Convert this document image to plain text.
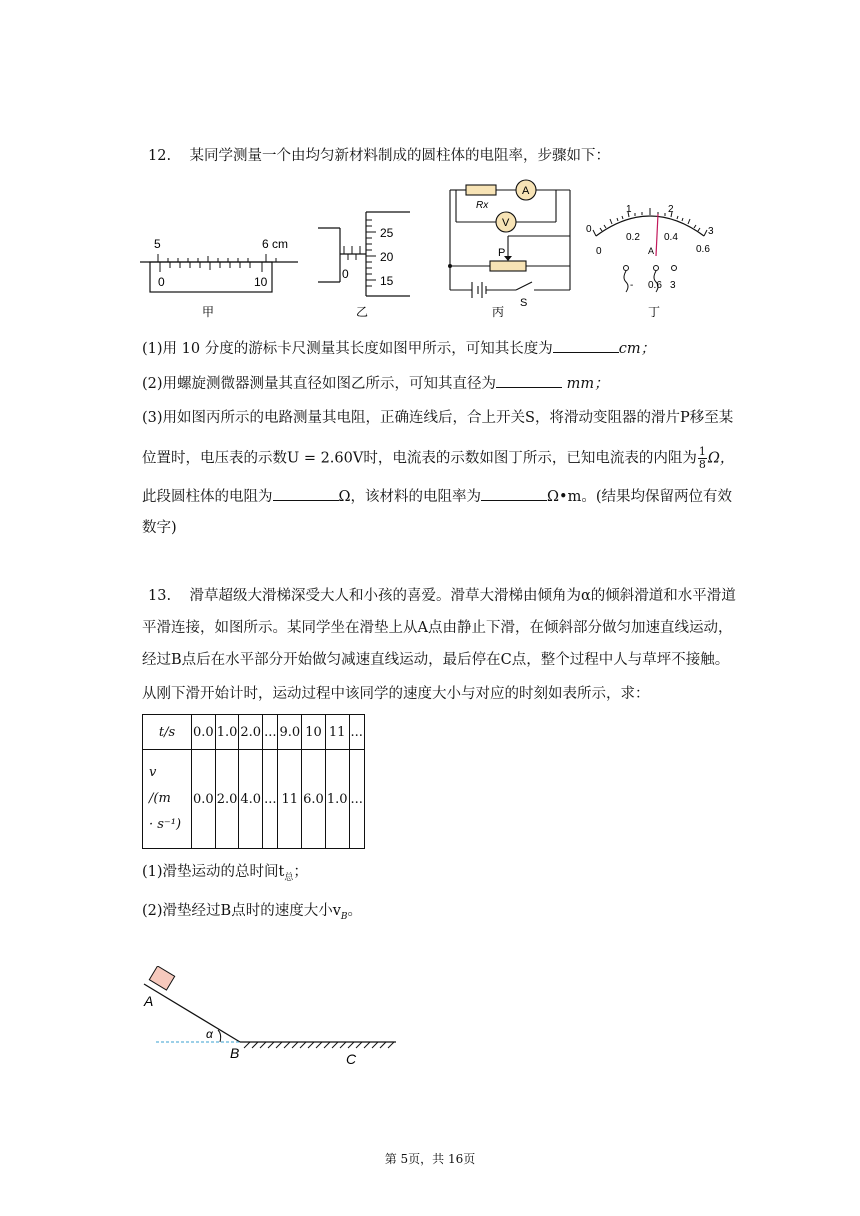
12. 某同学测量一个由均匀新材料制成的圆柱体的电阻率，步骤如下：
5	6 cm
0	10
甲
0
25
20
15
乙
A
V
Rx
P
S
丙
0
1	2
3
0
0.2 0.4
0.6
A
- 0.6 3
丁
(1)用 10 分度的游标卡尺测量其长度如图甲所示，可知其长度为	cm；
(2)用螺旋测微器测量其直径如图乙所示，可知其直径为	mm；
(3)用如图丙所示的电路测量其电阻，正确连线后，合上开关S，将滑动变阻器的滑片P移至某
位置时，电压表的示数U = 2.60V时，电流表的示数如图丁所示，已知电流表的内阻为 $\frac{1}{8}$ Ω，
此段圆柱体的电阻为	Ω，该材料的电阻率为	Ω•m。(结果均保留两位有效
数字)
13. 滑草超级大滑梯深受大人和小孩的喜爱。滑草大滑梯由倾角为α的倾斜滑道和水平滑道
平滑连接，如图所示。某同学坐在滑垫上从A点由静止下滑，在倾斜部分做匀加速直线运动，
经过B点后在水平部分开始做匀减速直线运动，最后停在C点，整个过程中人与草坪不接触。
从刚下滑开始计时，运动过程中该同学的速度大小与对应的时刻如表所示，求：
t/s	0.0	1.0	2.0	...	9.0	10	11	...
v
/(m
· s⁻¹)	0.0	2.0	4.0	...	11	6.0	1.0	...
(1)滑垫运动的总时间$t_总$；
(2)滑垫经过B点时的速度大小$v_B$。
A
α
B	C
第 5页，共 16页
